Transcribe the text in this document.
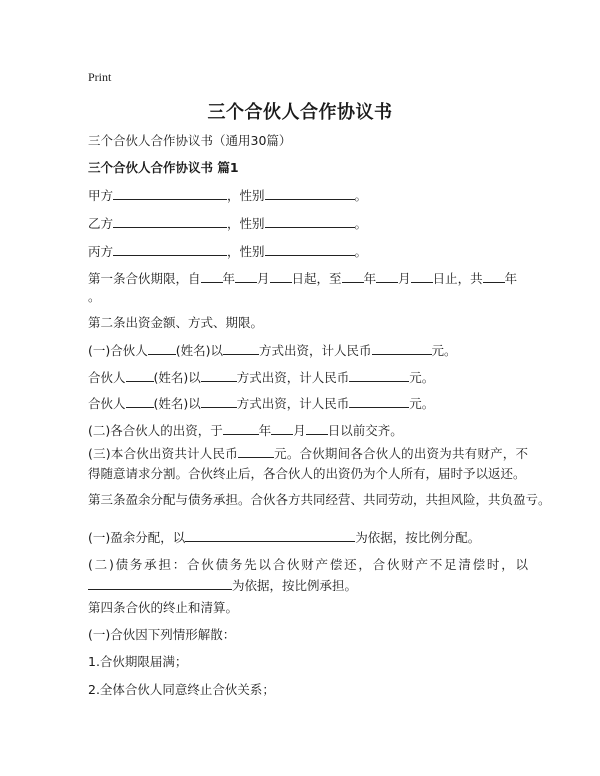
Print
三个合伙人合作协议书
三个合伙人合作协议书（通用30篇）
三个合伙人合作协议书 篇1
甲方	，性别	。
乙方	，性别	。
丙方	，性别	。
第一条合伙期限，自 年 月 日起，至 年 月 日止，共 年
。
第二条出资金额、方式、期限。
(一)合伙人 (姓名)以	方式出资，计人民币	元。
合伙人 (姓名)以	方式出资，计人民币	元。
合伙人 (姓名)以	方式出资，计人民币	元。
(二)各合伙人的出资，于	年 月 日以前交齐。
(三)本合伙出资共计人民币	元。合伙期间各合伙人的出资为共有财产，不得随意请求分割。合伙终止后，各合伙人的出资仍为个人所有，届时予以返还。
第三条盈余分配与债务承担。合伙各方共同经营、共同劳动，共担风险，共负盈亏。
(一)盈余分配，以	为依据，按比例分配。
(二)债务承担：合伙债务先以合伙财产偿还，合伙财产不足清偿时，以为依据，按比例承担。
第四条合伙的终止和清算。
(一)合伙因下列情形解散：
1.合伙期限届满；
2.全体合伙人同意终止合伙关系；
